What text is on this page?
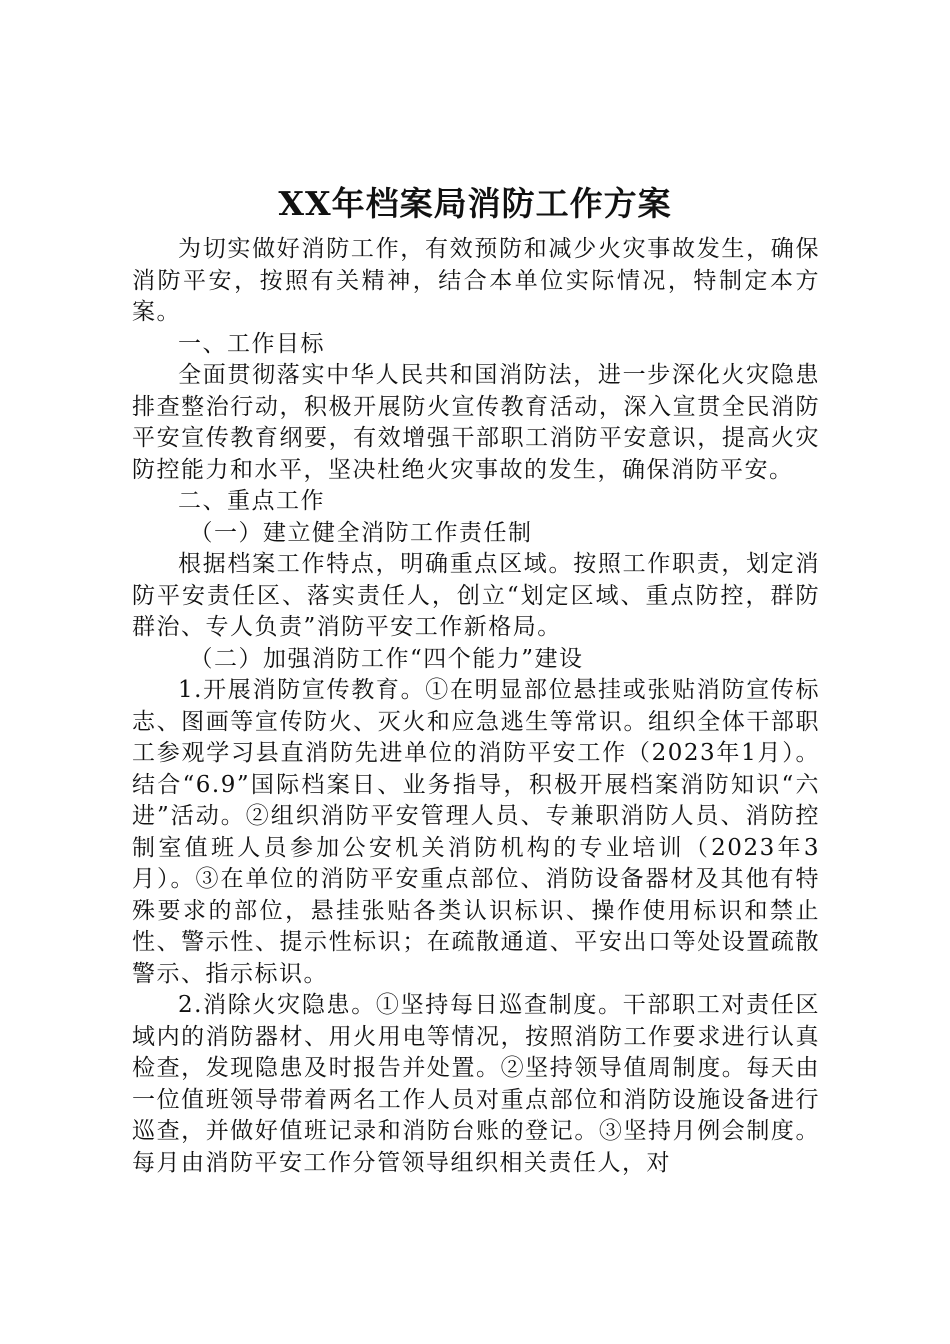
XX年档案局消防工作方案

为切实做好消防工作，有效预防和减少火灾事故发生，确保消防平安，按照有关精神，结合本单位实际情况，特制定本方案。

一、工作目标

全面贯彻落实中华人民共和国消防法，进一步深化火灾隐患排查整治行动，积极开展防火宣传教育活动，深入宣贯全民消防平安宣传教育纲要，有效增强干部职工消防平安意识，提高火灾防控能力和水平，坚决杜绝火灾事故的发生，确保消防平安。

二、重点工作

（一）建立健全消防工作责任制

根据档案工作特点，明确重点区域。按照工作职责，划定消防平安责任区、落实责任人，创立“划定区域、重点防控，群防群治、专人负责”消防平安工作新格局。

（二）加强消防工作“四个能力”建设

1.开展消防宣传教育。①在明显部位悬挂或张贴消防宣传标志、图画等宣传防火、灭火和应急逃生等常识。组织全体干部职工参观学习县直消防先进单位的消防平安工作（2023年1月）。结合“6.9”国际档案日、业务指导，积极开展档案消防知识“六进”活动。②组织消防平安管理人员、专兼职消防人员、消防控制室值班人员参加公安机关消防机构的专业培训（2023年3月）。③在单位的消防平安重点部位、消防设备器材及其他有特殊要求的部位，悬挂张贴各类认识标识、操作使用标识和禁止性、警示性、提示性标识；在疏散通道、平安出口等处设置疏散警示、指示标识。

2.消除火灾隐患。①坚持每日巡查制度。干部职工对责任区域内的消防器材、用火用电等情况，按照消防工作要求进行认真检查，发现隐患及时报告并处置。②坚持领导值周制度。每天由一位值班领导带着两名工作人员对重点部位和消防设施设备进行巡查，并做好值班记录和消防台账的登记。③坚持月例会制度。每月由消防平安工作分管领导组织相关责任人，对
